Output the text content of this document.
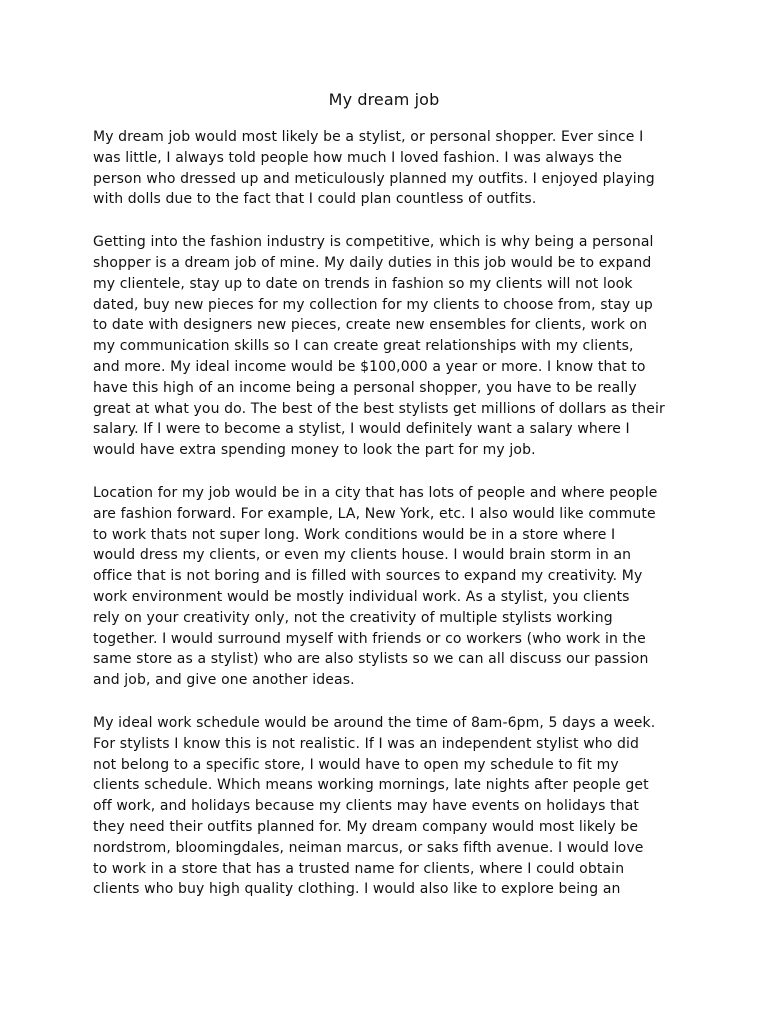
My dream job
My dream job would most likely be a stylist, or personal shopper. Ever since I
was little, I always told people how much I loved fashion. I was always the
person who dressed up and meticulously planned my outfits. I enjoyed playing
with dolls due to the fact that I could plan countless of outfits.
Getting into the fashion industry is competitive, which is why being a personal
shopper is a dream job of mine. My daily duties in this job would be to expand
my clientele, stay up to date on trends in fashion so my clients will not look
dated, buy new pieces for my collection for my clients to choose from, stay up
to date with designers new pieces, create new ensembles for clients, work on
my communication skills so I can create great relationships with my clients,
and more. My ideal income would be $100,000 a year or more. I know that to
have this high of an income being a personal shopper, you have to be really
great at what you do. The best of the best stylists get millions of dollars as their
salary. If I were to become a stylist, I would definitely want a salary where I
would have extra spending money to look the part for my job.
Location for my job would be in a city that has lots of people and where people
are fashion forward. For example, LA, New York, etc. I also would like commute
to work thats not super long. Work conditions would be in a store where I
would dress my clients, or even my clients house. I would brain storm in an
office that is not boring and is filled with sources to expand my creativity. My
work environment would be mostly individual work. As a stylist, you clients
rely on your creativity only, not the creativity of multiple stylists working
together. I would surround myself with friends or co workers (who work in the
same store as a stylist) who are also stylists so we can all discuss our passion
and job, and give one another ideas.
My ideal work schedule would be around the time of 8am-6pm, 5 days a week.
For stylists I know this is not realistic. If I was an independent stylist who did
not belong to a specific store, I would have to open my schedule to fit my
clients schedule. Which means working mornings, late nights after people get
off work, and holidays because my clients may have events on holidays that
they need their outfits planned for. My dream company would most likely be
nordstrom, bloomingdales, neiman marcus, or saks fifth avenue. I would love
to work in a store that has a trusted name for clients, where I could obtain
clients who buy high quality clothing. I would also like to explore being an
